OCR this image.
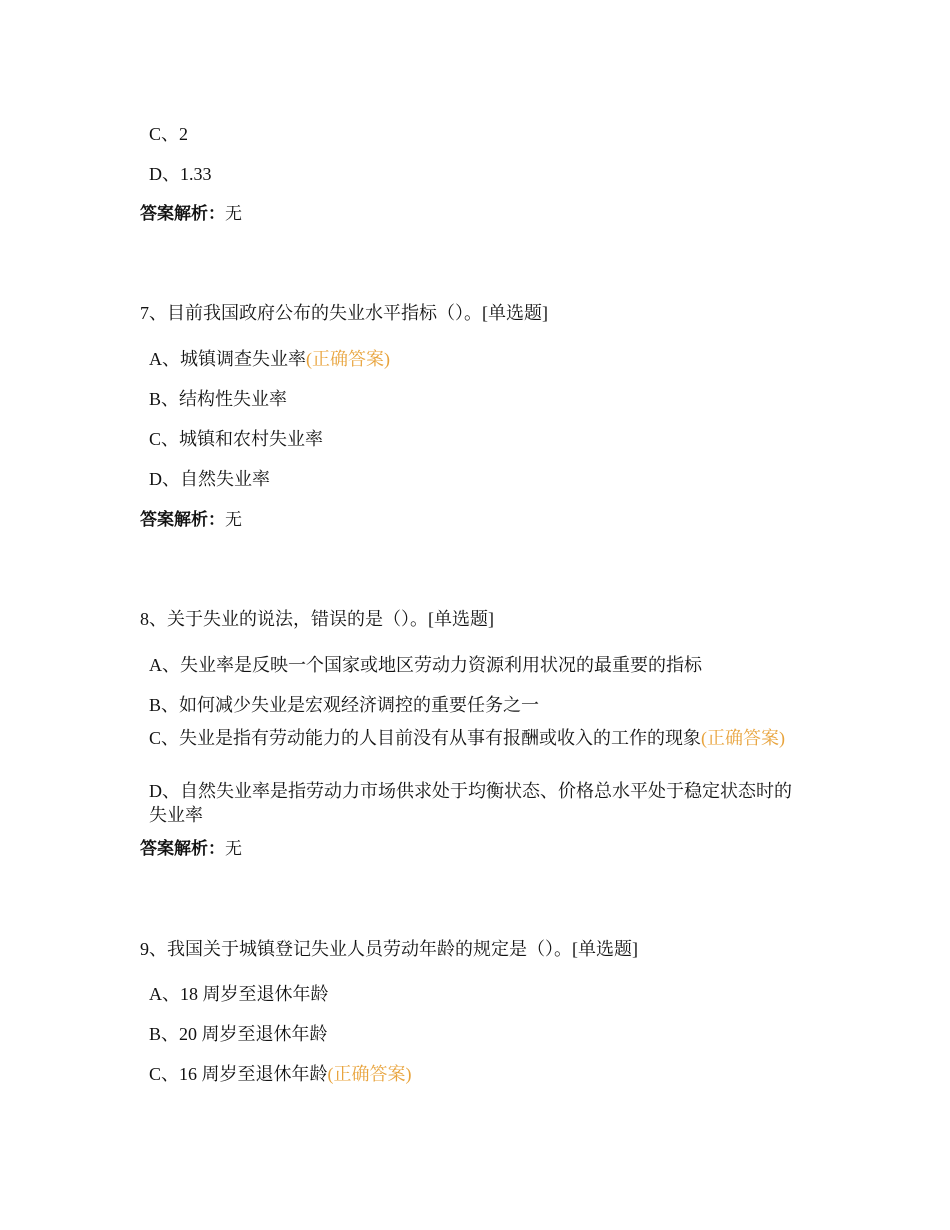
C、2
D、1.33
答案解析：无
7、目前我国政府公布的失业水平指标（）。[单选题]
A、城镇调查失业率(正确答案)
B、结构性失业率
C、城镇和农村失业率
D、自然失业率
答案解析：无
8、关于失业的说法，错误的是（）。[单选题]
A、失业率是反映一个国家或地区劳动力资源利用状况的最重要的指标
B、如何减少失业是宏观经济调控的重要任务之一
C、失业是指有劳动能力的人目前没有从事有报酬或收入的工作的现象(正确答案)
D、自然失业率是指劳动力市场供求处于均衡状态、价格总水平处于稳定状态时的失业率
答案解析：无
9、我国关于城镇登记失业人员劳动年龄的规定是（）。[单选题]
A、18 周岁至退休年龄
B、20 周岁至退休年龄
C、16 周岁至退休年龄(正确答案)
